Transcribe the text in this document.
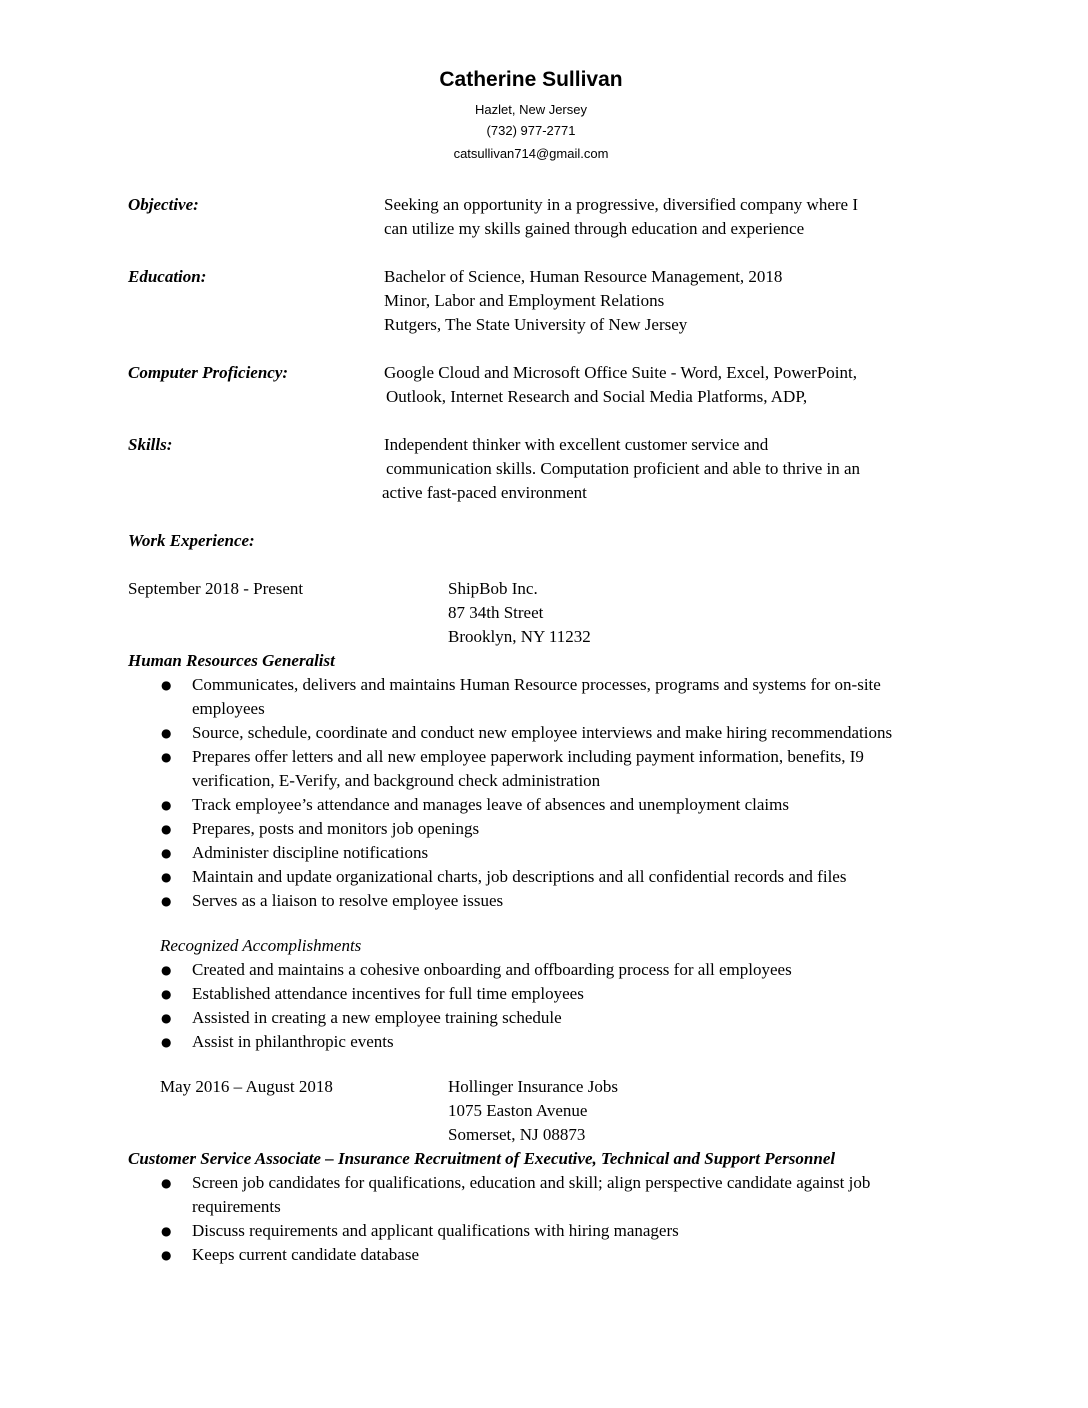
Catherine Sullivan
Hazlet, New Jersey
(732) 977-2771
catsullivan714@gmail.com
Objective:	Seeking an opportunity in a progressive, diversified company where I
can utilize my skills gained through education and experience
Education:	Bachelor of Science, Human Resource Management, 2018
Minor, Labor and Employment Relations
Rutgers, The State University of New Jersey
Computer Proficiency:	Google Cloud and Microsoft Office Suite - Word, Excel, PowerPoint,
Outlook, Internet Research and Social Media Platforms, ADP,
Skills:	Independent thinker with excellent customer service and
communication skills. Computation proficient and able to thrive in an
active fast-paced environment
Work Experience:
September 2018 - Present	ShipBob Inc.
87 34th Street
Brooklyn, NY 11232
Human Resources Generalist
● Communicates, delivers and maintains Human Resource processes, programs and systems for on-site
employees
● Source, schedule, coordinate and conduct new employee interviews and make hiring recommendations
● Prepares offer letters and all new employee paperwork including payment information, benefits, I9
verification, E-Verify, and background check administration
● Track employee’s attendance and manages leave of absences and unemployment claims
● Prepares, posts and monitors job openings
● Administer discipline notifications
● Maintain and update organizational charts, job descriptions and all confidential records and files
● Serves as a liaison to resolve employee issues
Recognized Accomplishments
● Created and maintains a cohesive onboarding and offboarding process for all employees
● Established attendance incentives for full time employees
● Assisted in creating a new employee training schedule
● Assist in philanthropic events
May 2016 – August 2018	Hollinger Insurance Jobs
1075 Easton Avenue
Somerset, NJ 08873
Customer Service Associate – Insurance Recruitment of Executive, Technical and Support Personnel
● Screen job candidates for qualifications, education and skill; align perspective candidate against job
requirements
● Discuss requirements and applicant qualifications with hiring managers
● Keeps current candidate database
